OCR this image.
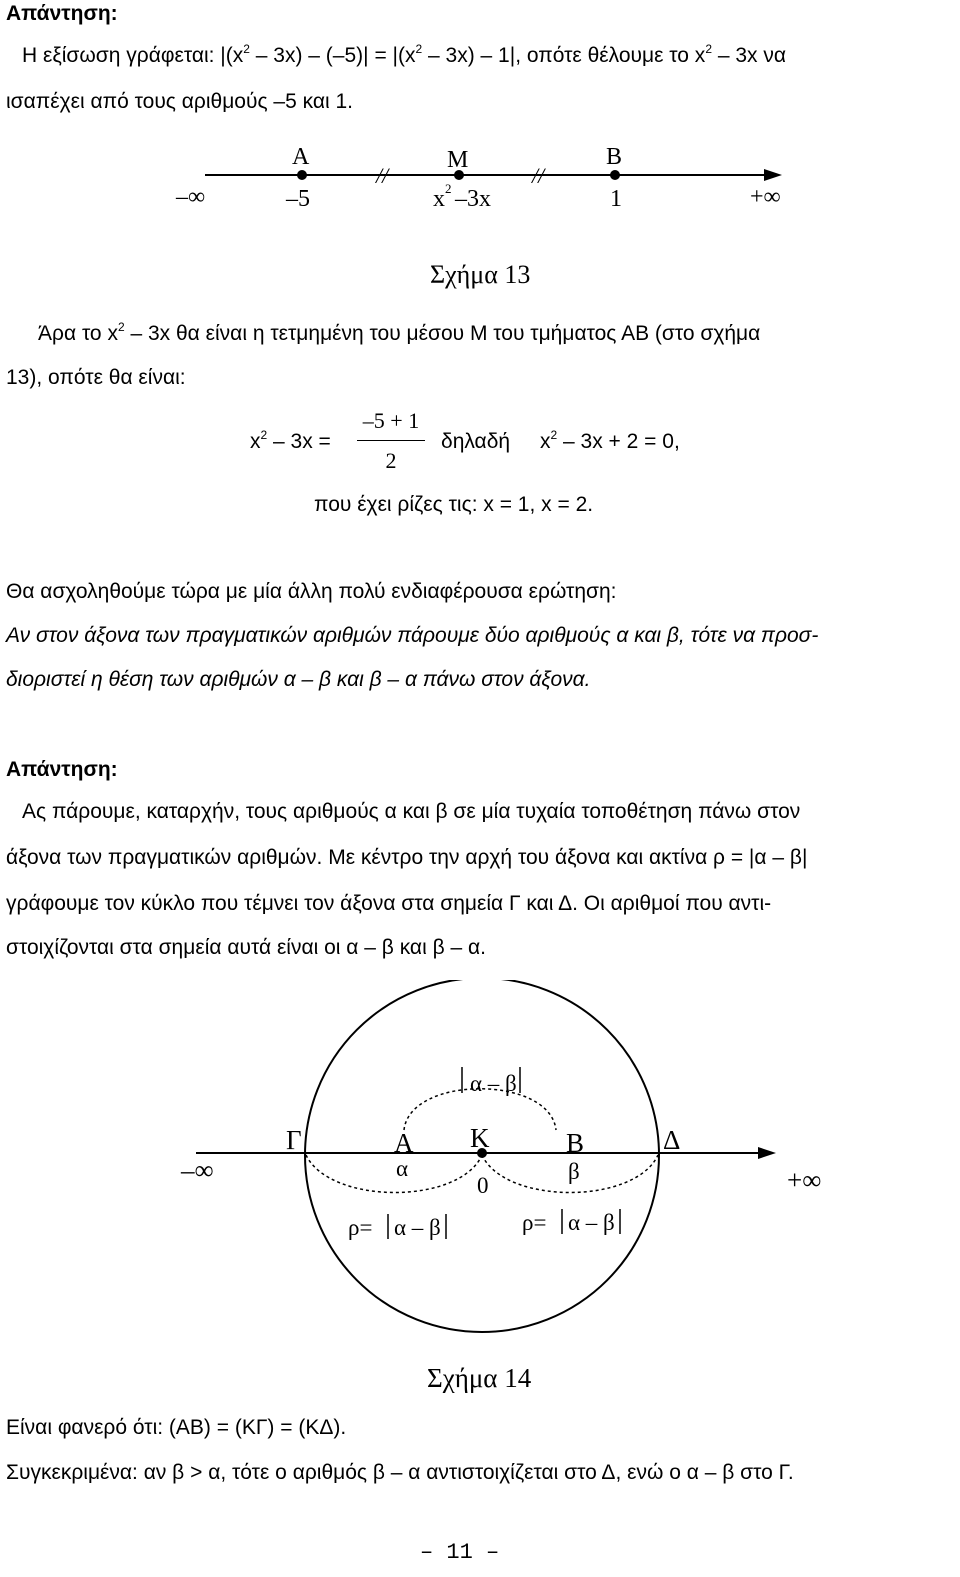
Απάντηση:
Η εξίσωση γράφεται: $|(x^2 - 3x) - (-5)| = |(x^2 - 3x) - 1|$, οπότε θέλουμε το $x^2 - 3x$ να
ισαπέχει από τους αριθμούς –5 και 1.
–∞	+∞
A	M	B
–5	x 2 –3x	1
//	//
Σχήμα 13
Άρα το $x^2 - 3x$ θα είναι η τετμημένη του μέσου Μ του τμήματος ΑΒ (στο σχήμα
13), οπότε θα είναι:
$x^2 - 3x$ =
–5 + 1
2
δηλαδή $x^2 - 3x + 2 = 0$,
που έχει ρίζες τις: x = 1, x = 2.
Θα ασχοληθούμε τώρα με μία άλλη πολύ ενδιαφέρουσα ερώτηση:
Αν στον άξονα των πραγματικών αριθμών πάρουμε δύο αριθμούς α και β, τότε να προσ-
διοριστεί η θέση των αριθμών α – β και β – α πάνω στον άξονα.
Απάντηση:
Ας πάρουμε, καταρχήν, τους αριθμούς α και β σε μία τυχαία τοποθέτηση πάνω στον
άξονα των πραγματικών αριθμών. Με κέντρο την αρχή του άξονα και ακτίνα ρ = |α – β|
γράφουμε τον κύκλο που τέμνει τον άξονα στα σημεία Γ και Δ. Οι αριθμοί που αντι-
στοιχίζονται στα σημεία αυτά είναι οι α – β και β – α.
–∞	+∞
Γ	A K	B	Δ
α
0
β
α – β
ρ= α – β	ρ= α – β
Σχήμα 14
Είναι φανερό ότι: (ΑΒ) = (ΚΓ) = (ΚΔ).
Συγκεκριμένα: αν β > α, τότε ο αριθμός β – α αντιστοιχίζεται στο Δ, ενώ ο α – β στο Γ.
– 11 –
